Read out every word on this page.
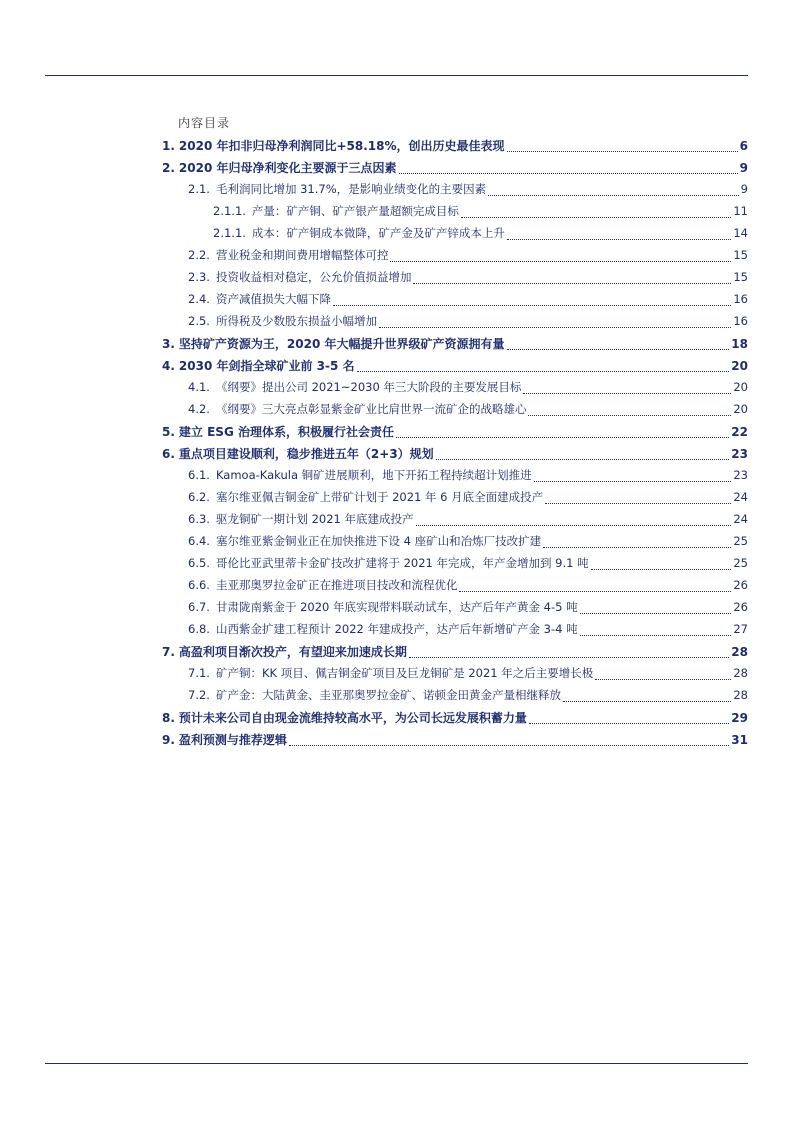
内容目录
1. 2020 年扣非归母净利润同比+58.18%，创出历史最佳表现	6
2. 2020 年归母净利变化主要源于三点因素	9
2.1. 毛利润同比增加 31.7%，是影响业绩变化的主要因素	9
2.1.1. 产量：矿产铜、矿产银产量超额完成目标	11
2.1.1. 成本：矿产铜成本微降，矿产金及矿产锌成本上升	14
2.2. 营业税金和期间费用增幅整体可控	15
2.3. 投资收益相对稳定，公允价值损益增加	15
2.4. 资产减值损失大幅下降	16
2.5. 所得税及少数股东损益小幅增加	16
3. 坚持矿产资源为王，2020 年大幅提升世界级矿产资源拥有量	18
4. 2030 年剑指全球矿业前 3-5 名	20
4.1. 《纲要》提出公司 2021~2030 年三大阶段的主要发展目标	20
4.2. 《纲要》三大亮点彰显紫金矿业比肩世界一流矿企的战略雄心	20
5. 建立 ESG 治理体系，积极履行社会责任	22
6. 重点项目建设顺利，稳步推进五年（2+3）规划	23
6.1. Kamoa-Kakula 铜矿进展顺利，地下开拓工程持续超计划推进	23
6.2. 塞尔维亚佩吉铜金矿上带矿计划于 2021 年 6 月底全面建成投产	24
6.3. 驱龙铜矿一期计划 2021 年底建成投产	24
6.4. 塞尔维亚紫金铜业正在加快推进下设 4 座矿山和冶炼厂技改扩建	25
6.5. 哥伦比亚武里蒂卡金矿技改扩建将于 2021 年完成，年产金增加到 9.1 吨	25
6.6. 圭亚那奥罗拉金矿正在推进项目技改和流程优化	26
6.7. 甘肃陇南紫金于 2020 年底实现带料联动试车，达产后年产黄金 4-5 吨	26
6.8. 山西紫金扩建工程预计 2022 年建成投产，达产后年新增矿产金 3-4 吨	27
7. 高盈利项目渐次投产，有望迎来加速成长期	28
7.1. 矿产铜：KK 项目、佩吉铜金矿项目及巨龙铜矿是 2021 年之后主要增长极	28
7.2. 矿产金：大陆黄金、圭亚那奥罗拉金矿、诺顿金田黄金产量相继释放	28
8. 预计未来公司自由现金流维持较高水平，为公司长远发展积蓄力量	29
9. 盈利预测与推荐逻辑	31
